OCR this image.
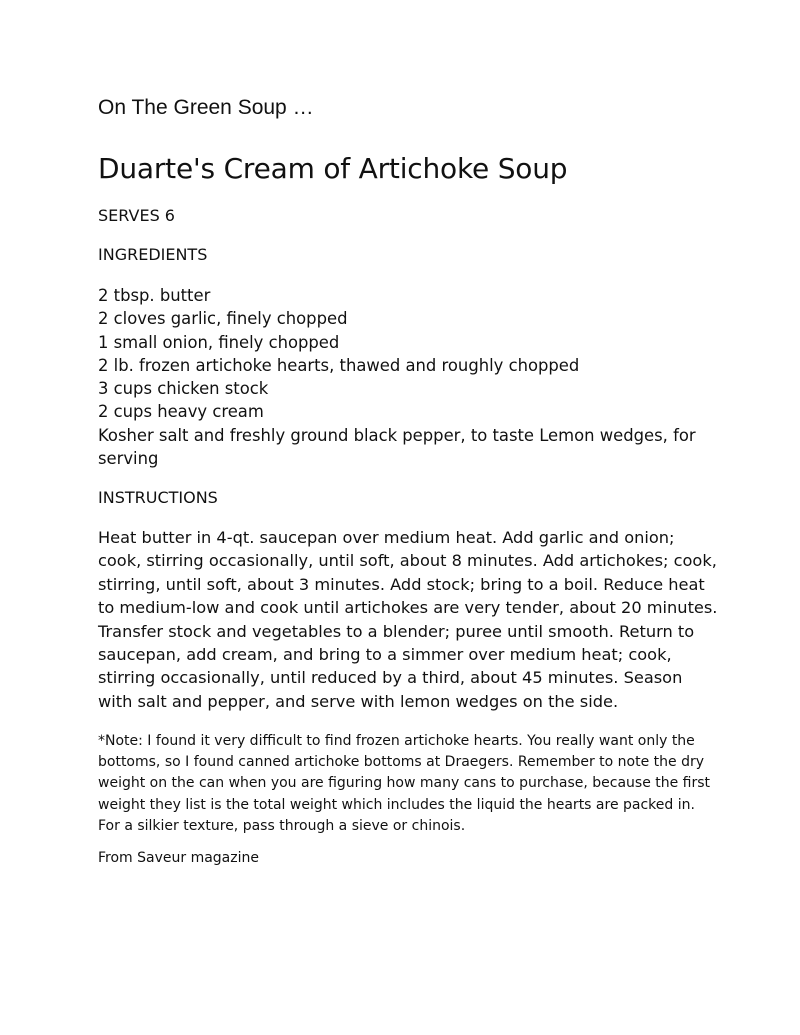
On The Green Soup …
Duarte's Cream of Artichoke Soup
SERVES 6
INGREDIENTS
2 tbsp. butter
2 cloves garlic, finely chopped
1 small onion, finely chopped
2 lb. frozen artichoke hearts, thawed and roughly chopped
3 cups chicken stock
2 cups heavy cream
Kosher salt and freshly ground black pepper, to taste Lemon wedges, for serving
INSTRUCTIONS

Heat butter in 4-qt. saucepan over medium heat. Add garlic and onion; cook, stirring occasionally, until soft, about 8 minutes. Add artichokes; cook, stirring, until soft, about 3 minutes. Add stock; bring to a boil. Reduce heat to medium-low and cook until artichokes are very tender, about 20 minutes. Transfer stock and vegetables to a blender; puree until smooth. Return to saucepan, add cream, and bring to a simmer over medium heat; cook, stirring occasionally, until reduced by a third, about 45 minutes. Season with salt and pepper, and serve with lemon wedges on the side.

*Note: I found it very difficult to find frozen artichoke hearts. You really want only the bottoms, so I found canned artichoke bottoms at Draegers. Remember to note the dry weight on the can when you are figuring how many cans to purchase, because the first weight they list is the total weight which includes the liquid the hearts are packed in. For a silkier texture, pass through a sieve or chinois.

From Saveur magazine
